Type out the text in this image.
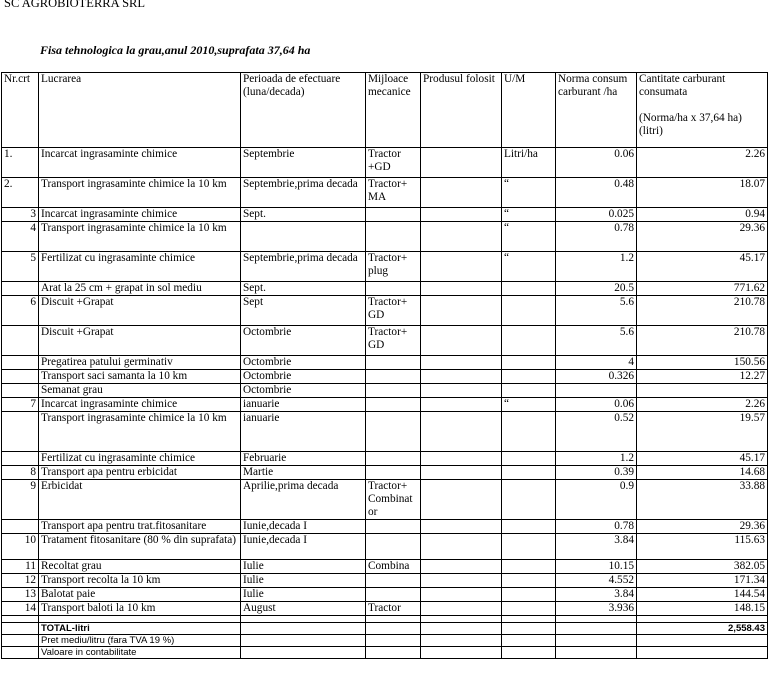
SC AGROBIOTERRA SRL
Fisa tehnologica la grau,anul 2010,suprafata 37,64 ha
Nr.crt	Lucrarea	Perioada de efectuare (luna/decada)	Mijloace mecanice	Produsul folosit	U/M	Norma consum carburant /ha	Cantitate carburant consumata
(Norma/ha x 37,64 ha) (litri)

1.	Incarcat ingrasaminte chimice	Septembrie	Tractor +GD		Litri/ha	0.06	2.26
2.	Transport ingrasaminte chimice la 10 km	Septembrie,prima decada	Tractor+ MA		“	0.48	18.07
3	Incarcat ingrasaminte chimice	Sept.			“	0.025	0.94
4	Transport ingrasaminte chimice la 10 km				“	0.78	29.36
5	Fertilizat cu ingrasaminte chimice	Septembrie,prima decada	Tractor+ plug		“	1.2	45.17
	Arat la 25 cm + grapat in sol mediu	Sept.				20.5	771.62
6	Discuit +Grapat	Sept	Tractor+ GD			5.6	210.78
	Discuit +Grapat	Octombrie	Tractor+ GD			5.6	210.78
	Pregatirea patului germinativ	Octombrie				4	150.56
	Transport saci samanta la 10 km	Octombrie				0.326	12.27
	Semanat grau	Octombrie					
7	Incarcat ingrasaminte chimice	ianuarie			“	0.06	2.26
	Transport ingrasaminte chimice la 10 km	ianuarie				0.52	19.57
	Fertilizat cu ingrasaminte chimice	Februarie				1.2	45.17
8	Transport apa pentru erbicidat	Martie				0.39	14.68
9	Erbicidat	Aprilie,prima decada	Tractor+ Combinat or			0.9	33.88
	Transport apa pentru trat.fitosanitare	Iunie,decada I				0.78	29.36
10	Tratament fitosanitare (80 % din suprafata)	Iunie,decada I				3.84	115.63
11	Recoltat grau	Iulie	Combina			10.15	382.05
12	Transport recolta la 10 km	Iulie				4.552	171.34
13	Balotat paie	Iulie				3.84	144.54
14	Transport baloti la 10 km	August	Tractor			3.936	148.15

	TOTAL-litri						2,558.43
	Pret mediu/litru (fara TVA 19 %)						
	Valoare in contabilitate						
